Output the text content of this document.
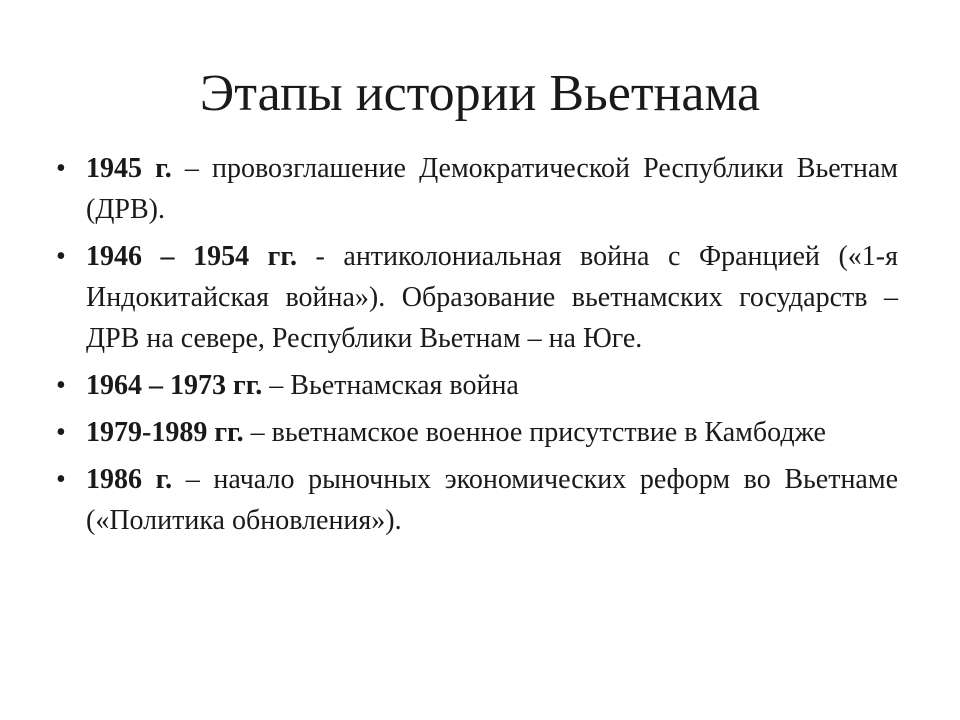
Этапы истории Вьетнама
• 1945 г. – провозглашение Демократической Республики Вьетнам (ДРВ).
• 1946 – 1954 гг. - антиколониальная война с Францией («1-я Индокитайская война»). Образование вьетнамских государств – ДРВ на севере, Республики Вьетнам – на Юге.
• 1964 – 1973 гг. – Вьетнамская война
• 1979-1989 гг. – вьетнамское военное присутствие в Камбодже
• 1986 г. – начало рыночных экономических реформ во Вьетнаме («Политика обновления»).
